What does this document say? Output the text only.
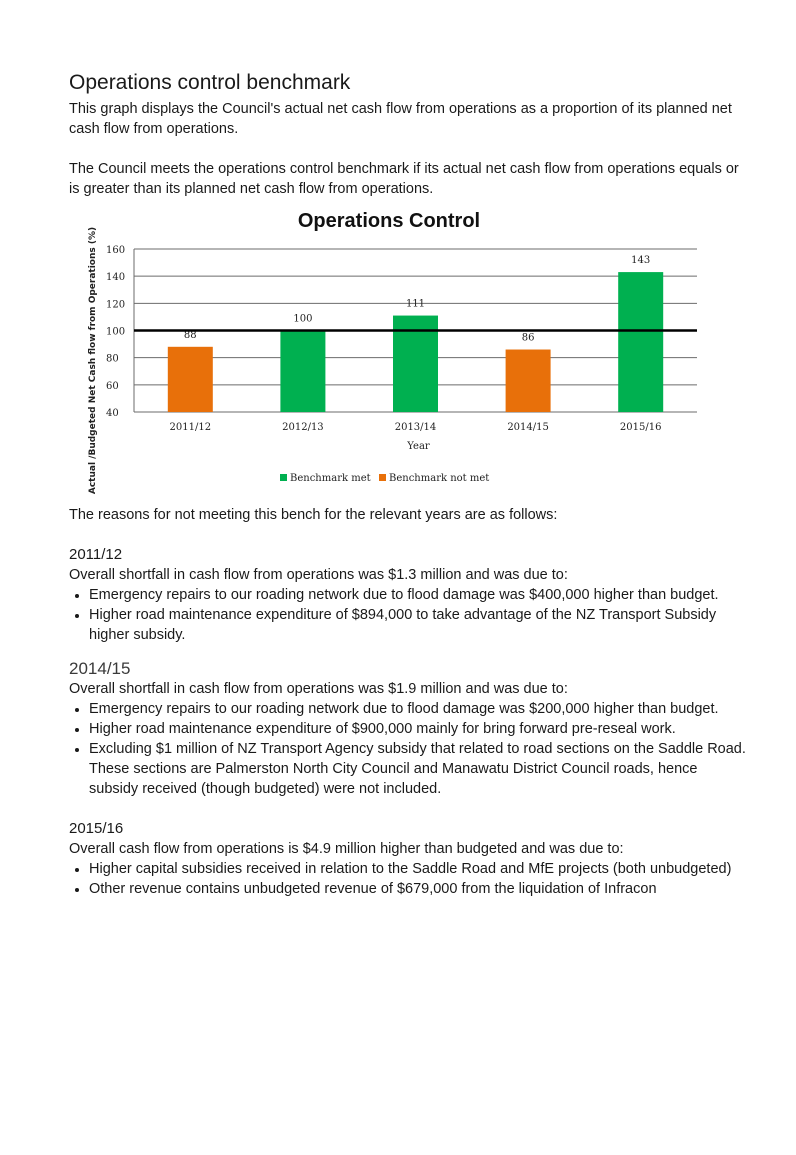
Operations control benchmark

This graph displays the Council's actual net cash flow from operations as a proportion of its planned net cash flow from operations.

The Council meets the operations control benchmark if its actual net cash flow from operations equals or is greater than its planned net cash flow from operations.

Operations Control
40
60
80
100
120
140
160
88
2011/12
100
2012/13
111
2013/14
86
2014/15
143
2015/16
Year
Actual /Budgeted Net Cash flow from Operations (%)	Benchmark met Benchmark not met

The reasons for not meeting this bench for the relevant years are as follows:

2011/12

Overall shortfall in cash flow from operations was $1.3 million and was due to:

• Emergency repairs to our roading network due to flood damage was $400,000 higher than budget.
• Higher road maintenance expenditure of $894,000 to take advantage of the NZ Transport Subsidy higher subsidy.
2014/15

Overall shortfall in cash flow from operations was $1.9 million and was due to:

• Emergency repairs to our roading network due to flood damage was $200,000 higher than budget.
• Higher road maintenance expenditure of $900,000 mainly for bring forward pre-reseal work.
• Excluding $1 million of NZ Transport Agency subsidy that related to road sections on the Saddle Road. These sections are Palmerston North City Council and Manawatu District Council roads, hence subsidy received (though budgeted) were not included.
2015/16

Overall cash flow from operations is $4.9 million higher than budgeted and was due to:

• Higher capital subsidies received in relation to the Saddle Road and MfE projects (both unbudgeted)
• Other revenue contains unbudgeted revenue of $679,000 from the liquidation of Infracon
